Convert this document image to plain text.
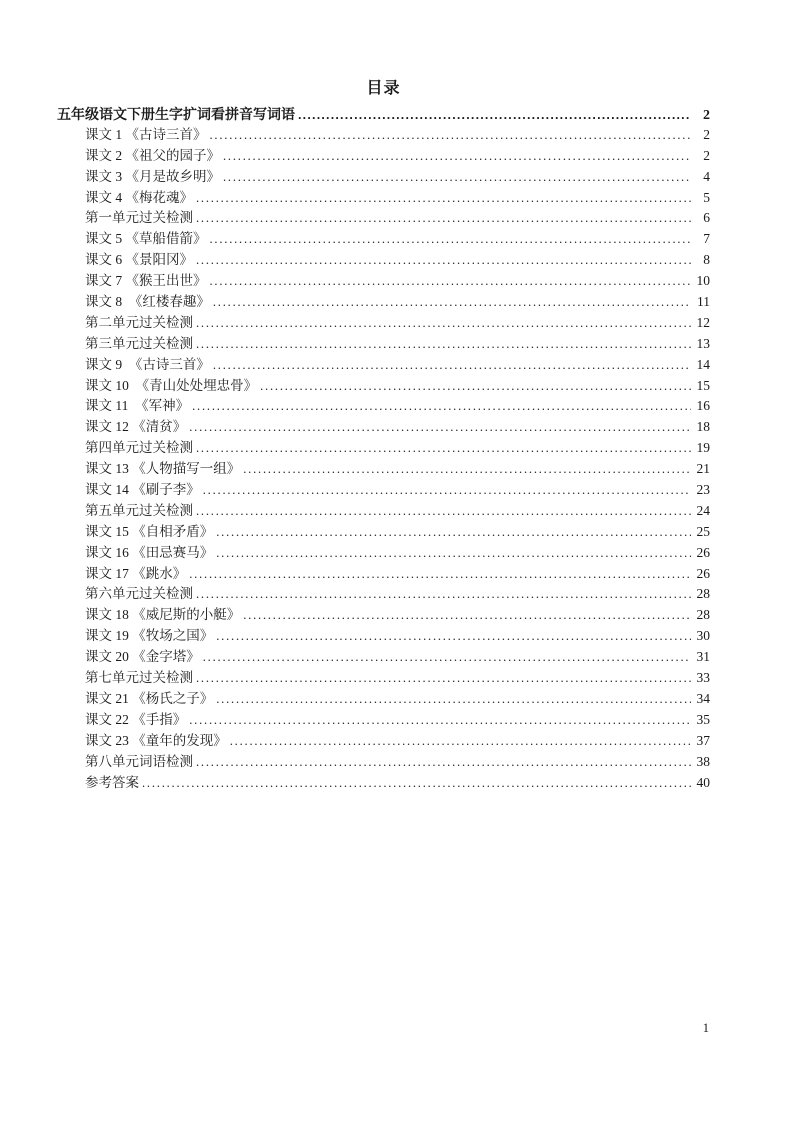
目录
五年级语文下册生字扩词看拼音写词语 .....	2
课文 1 《古诗三首》 .....	2
课文 2 《祖父的园子》 .....	2
课文 3 《月是故乡明》 .....	4
课文 4 《梅花魂》 .....	5
第一单元过关检测 .....	6
课文 5 《草船借箭》 .....	7
课文 6 《景阳冈》 .....	8
课文 7 《猴王出世》 .....	10
课文 8  《红楼春趣》 .....	11
第二单元过关检测 .....	12
第三单元过关检测 .....	13
课文 9  《古诗三首》 .....	14
课文 10  《青山处处埋忠骨》 .....	15
课文 11  《军神》 .....	16
课文 12 《清贫》 .....	18
第四单元过关检测 .....	19
课文 13 《人物描写一组》 .....	21
课文 14 《刷子李》 .....	23
第五单元过关检测 .....	24
课文 15 《自相矛盾》 .....	25
课文 16 《田忌赛马》 .....	26
课文 17 《跳水》 .....	26
第六单元过关检测 .....	28
课文 18 《威尼斯的小艇》 .....	28
课文 19 《牧场之国》 .....	30
课文 20 《金字塔》 .....	31
第七单元过关检测 .....	33
课文 21 《杨氏之子》 .....	34
课文 22 《手指》 .....	35
课文 23 《童年的发现》 .....	37
第八单元词语检测 .....	38
参考答案 .....	40
1
